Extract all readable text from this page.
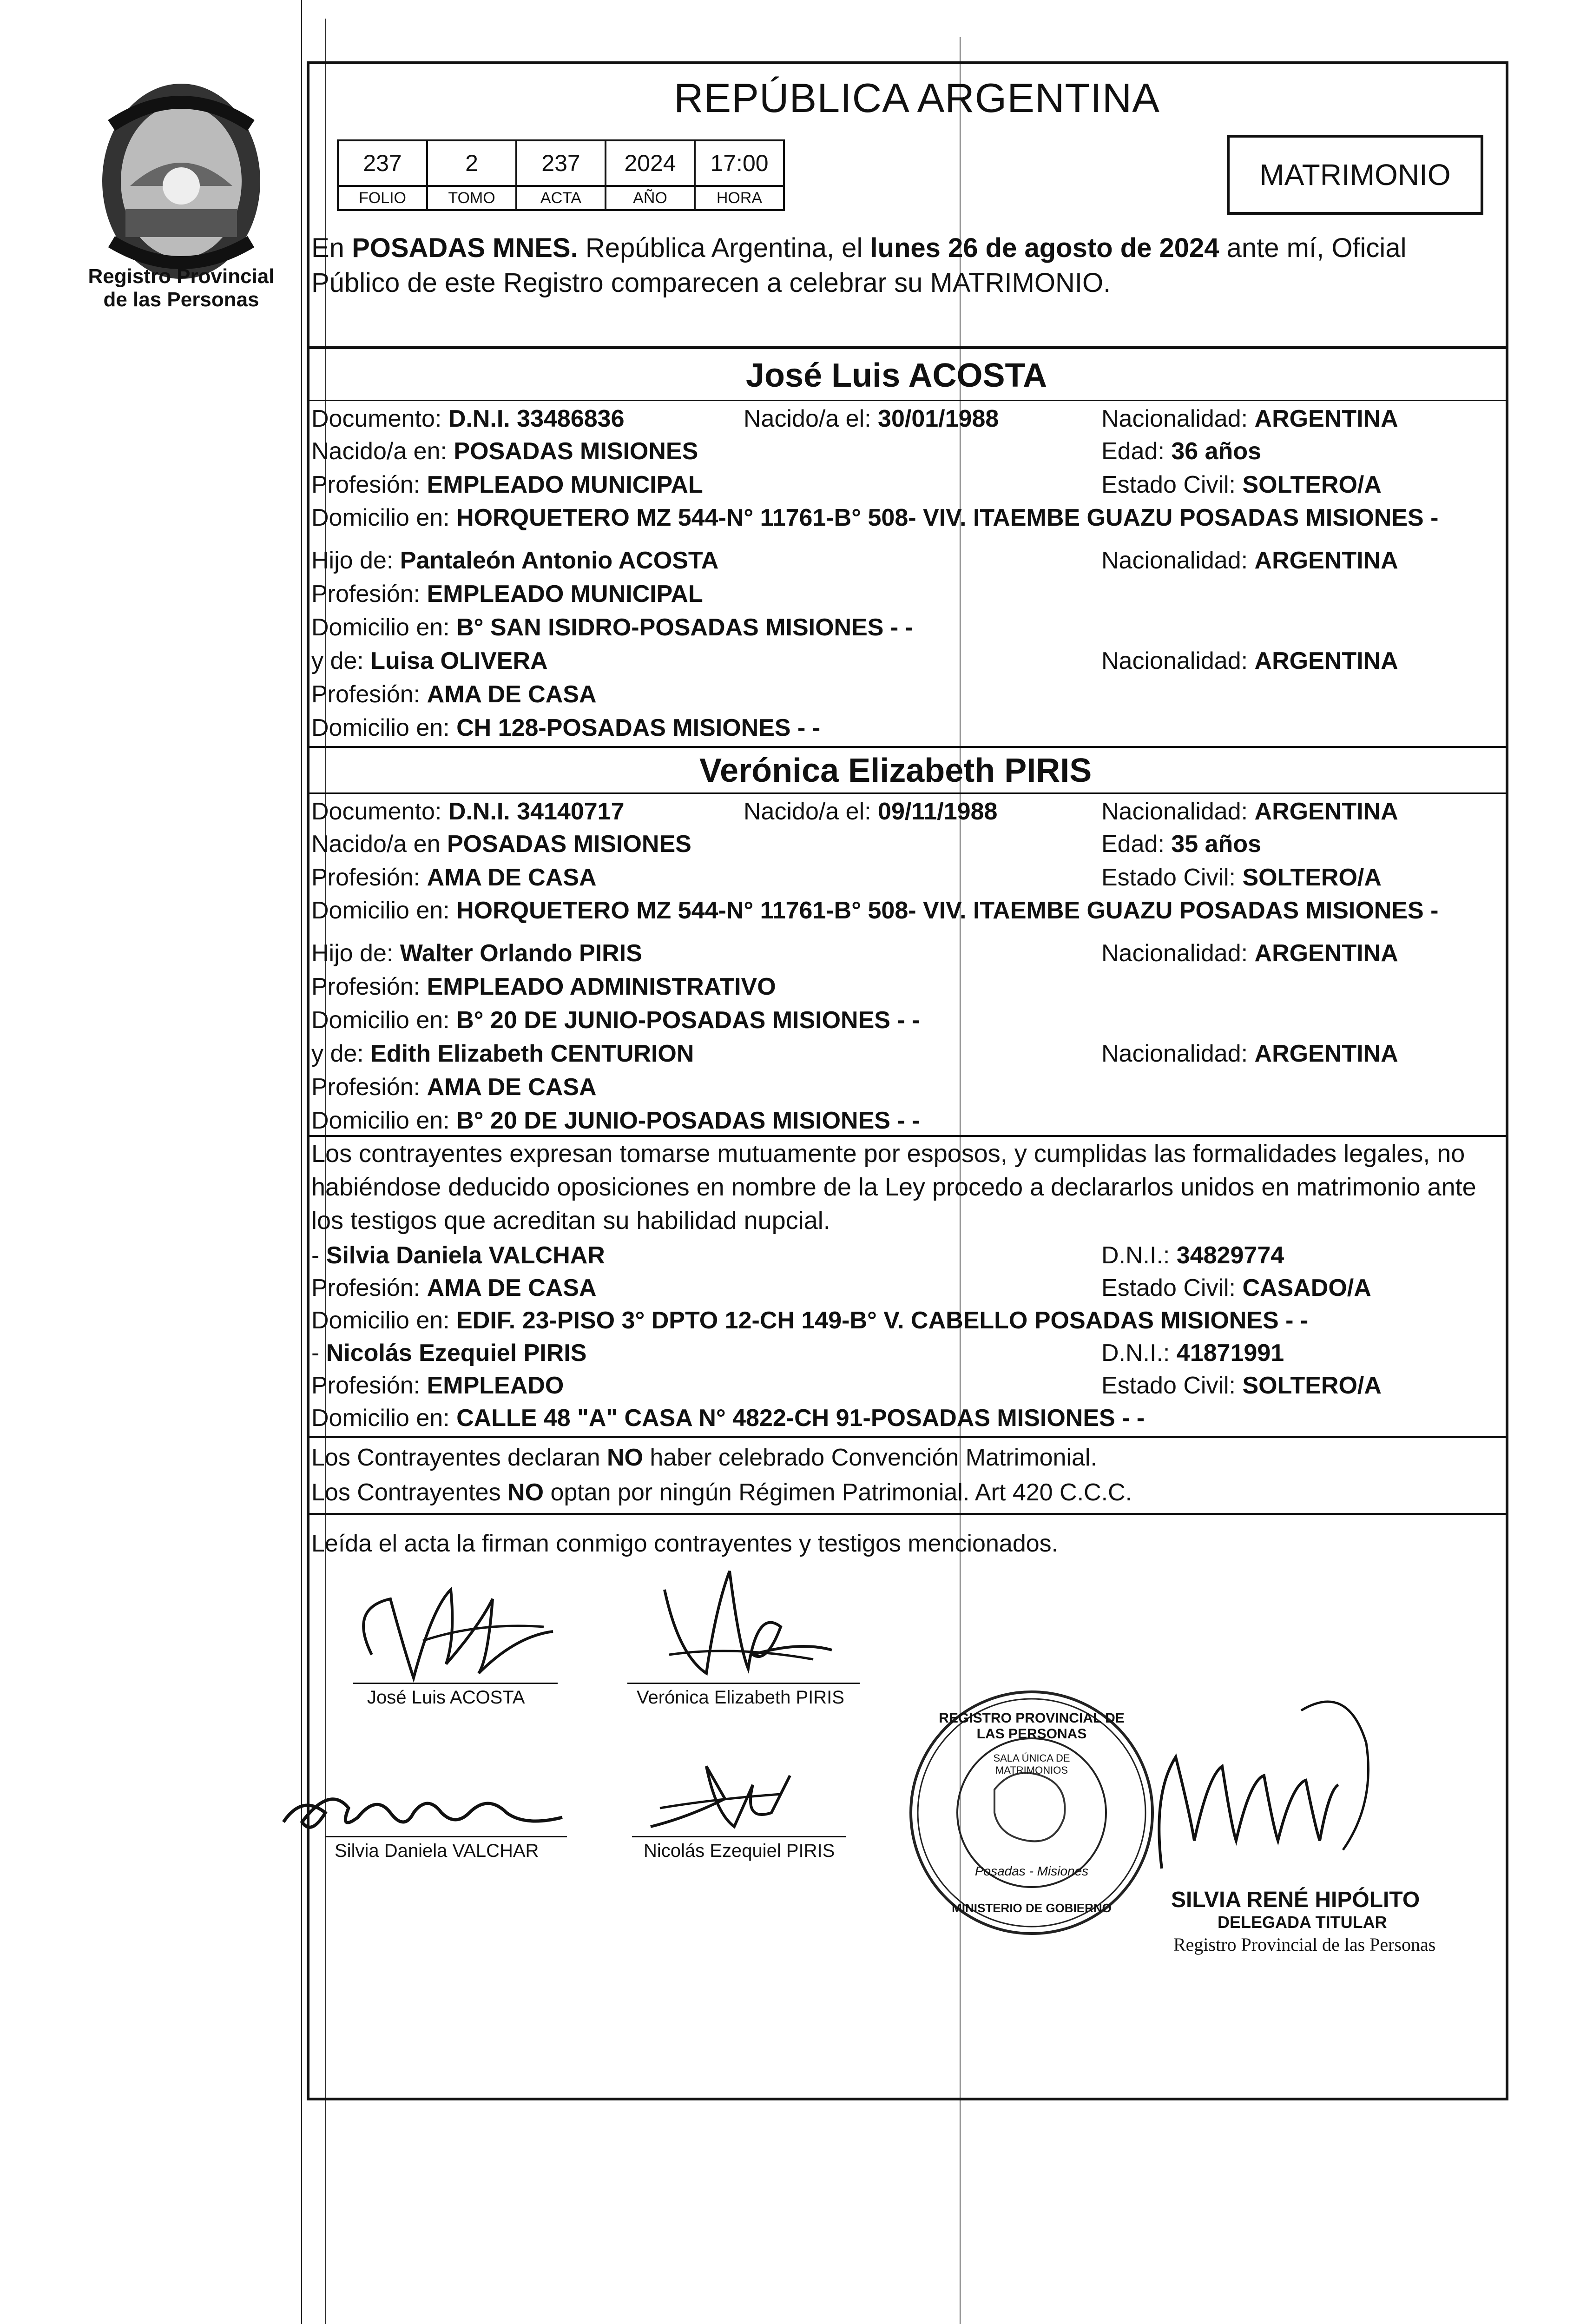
Registro Provincial
de las Personas
REPÚBLICA ARGENTINA
237	2	237	2024	17:00
FOLIO	TOMO	ACTA	AÑO	HORA
MATRIMONIO
En POSADAS MNES. República Argentina, el lunes 26 de agosto de 2024 ante mí, Oficial
Público de este Registro comparecen a celebrar su MATRIMONIO.
José Luis ACOSTA
Documento: D.N.I. 33486836	Nacido/a el: 30/01/1988	Nacionalidad: ARGENTINA
Nacido/a en: POSADAS MISIONES	Edad: 36 años
Profesión: EMPLEADO MUNICIPAL	Estado Civil: SOLTERO/A
Domicilio en: HORQUETERO MZ 544-N° 11761-B° 508- VIV. ITAEMBE GUAZU POSADAS MISIONES -
Hijo de: Pantaleón Antonio ACOSTA	Nacionalidad: ARGENTINA
Profesión: EMPLEADO MUNICIPAL
Domicilio en: B° SAN ISIDRO-POSADAS MISIONES - -
y de: Luisa OLIVERA	Nacionalidad: ARGENTINA
Profesión: AMA DE CASA
Domicilio en: CH 128-POSADAS MISIONES - -
Verónica Elizabeth PIRIS
Documento: D.N.I. 34140717	Nacido/a el: 09/11/1988	Nacionalidad: ARGENTINA
Nacido/a en POSADAS MISIONES	Edad: 35 años
Profesión: AMA DE CASA	Estado Civil: SOLTERO/A
Domicilio en: HORQUETERO MZ 544-N° 11761-B° 508- VIV. ITAEMBE GUAZU POSADAS MISIONES -
Hijo de: Walter Orlando PIRIS	Nacionalidad: ARGENTINA
Profesión: EMPLEADO ADMINISTRATIVO
Domicilio en: B° 20 DE JUNIO-POSADAS MISIONES - -
y de: Edith Elizabeth CENTURION	Nacionalidad: ARGENTINA
Profesión: AMA DE CASA
Domicilio en: B° 20 DE JUNIO-POSADAS MISIONES - -
Los contrayentes expresan tomarse mutuamente por esposos, y cumplidas las formalidades legales, no
habiéndose deducido oposiciones en nombre de la Ley procedo a declararlos unidos en matrimonio ante
los testigos que acreditan su habilidad nupcial.
- Silvia Daniela VALCHAR	D.N.I.: 34829774
Profesión: AMA DE CASA	Estado Civil: CASADO/A
Domicilio en: EDIF. 23-PISO 3° DPTO 12-CH 149-B° V. CABELLO POSADAS MISIONES - -
- Nicolás Ezequiel PIRIS	D.N.I.: 41871991
Profesión: EMPLEADO	Estado Civil: SOLTERO/A
Domicilio en: CALLE 48 "A" CASA N° 4822-CH 91-POSADAS MISIONES - -
Los Contrayentes declaran NO haber celebrado Convención Matrimonial.
Los Contrayentes NO optan por ningún Régimen Patrimonial. Art 420 C.C.C.
Leída el acta la firman conmigo contrayentes y testigos mencionados.
José Luis ACOSTA	Verónica Elizabeth PIRIS
Silvia Daniela VALCHAR	Nicolás Ezequiel PIRIS
REGISTRO PROVINCIAL DE LAS PERSONAS
SALA ÚNICA DE MATRIMONIOS
Posadas - Misiones
MINISTERIO DE GOBIERNO	SILVIA RENÉ HIPÓLITO
DELEGADA TITULAR
Registro Provincial de las Personas
